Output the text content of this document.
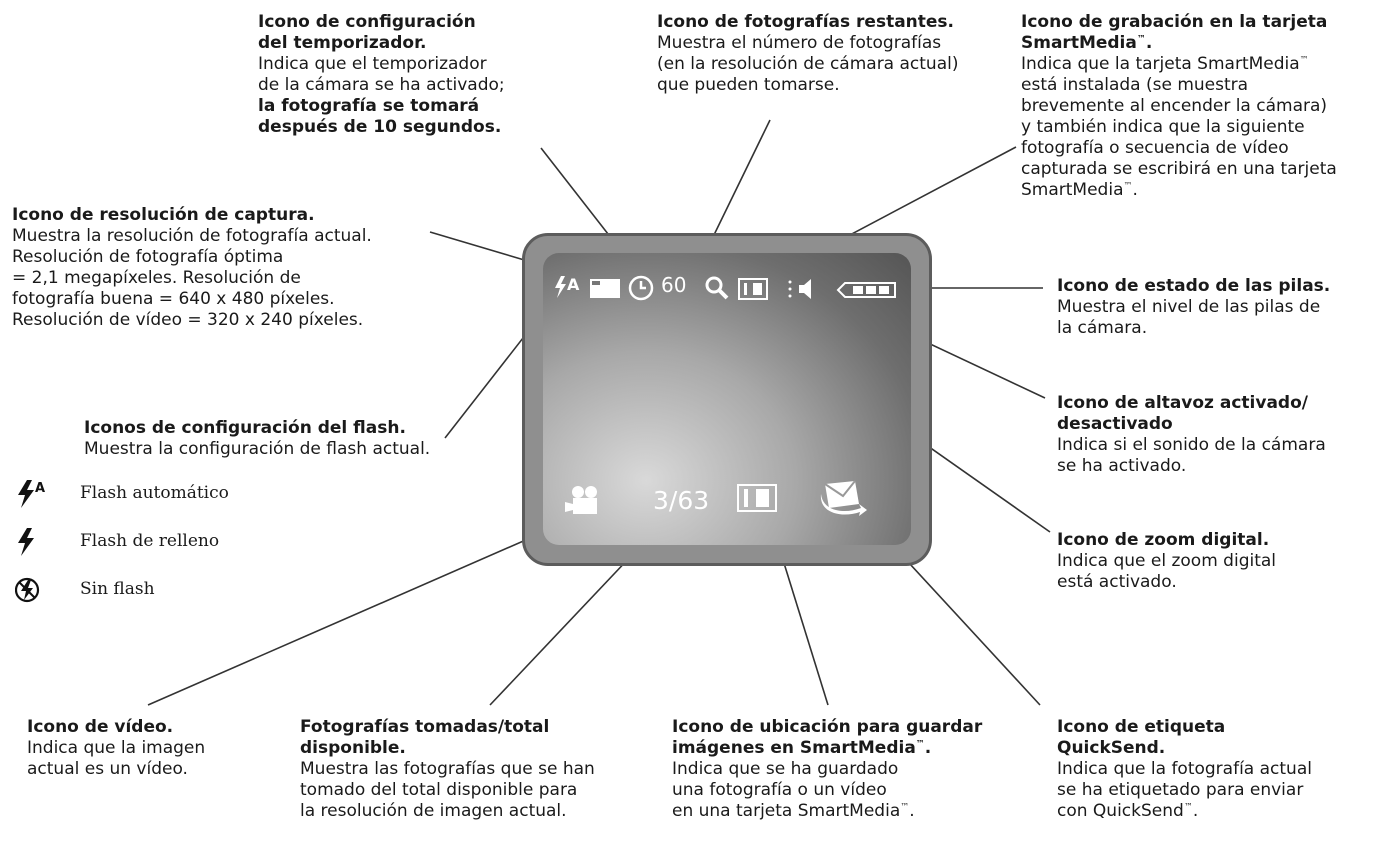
A	60
3/63
Icono de configuración
del temporizador.
Indica que el temporizador
de la cámara se ha activado;
la fotografía se tomará
después de 10 segundos.
Icono de fotografías restantes.
Muestra el número de fotografías
(en la resolución de cámara actual)
que pueden tomarse.
Icono de grabación en la tarjeta
SmartMedia™.
Indica que la tarjeta SmartMedia™
está instalada (se muestra
brevemente al encender la cámara)
y también indica que la siguiente
fotografía o secuencia de vídeo
capturada se escribirá en una tarjeta
SmartMedia™.
Icono de resolución de captura.
Muestra la resolución de fotografía actual.
Resolución de fotografía óptima
= 2,1 megapíxeles. Resolución de
fotografía buena = 640 x 480 píxeles.
Resolución de vídeo = 320 x 240 píxeles.
Icono de estado de las pilas.
Muestra el nivel de las pilas de
la cámara.
Icono de altavoz activado/
desactivado
Indica si el sonido de la cámara
se ha activado.
Icono de zoom digital.
Indica que el zoom digital
está activado.
Iconos de configuración del flash.
Muestra la configuración de flash actual.
A Flash automático
Flash de relleno
Sin flash
Icono de vídeo.
Indica que la imagen
actual es un vídeo.
Fotografías tomadas/total
disponible.
Muestra las fotografías que se han
tomado del total disponible para
la resolución de imagen actual.
Icono de ubicación para guardar
imágenes en SmartMedia™.
Indica que se ha guardado
una fotografía o un vídeo
en una tarjeta SmartMedia™.
Icono de etiqueta
QuickSend.
Indica que la fotografía actual
se ha etiquetado para enviar
con QuickSend™.
